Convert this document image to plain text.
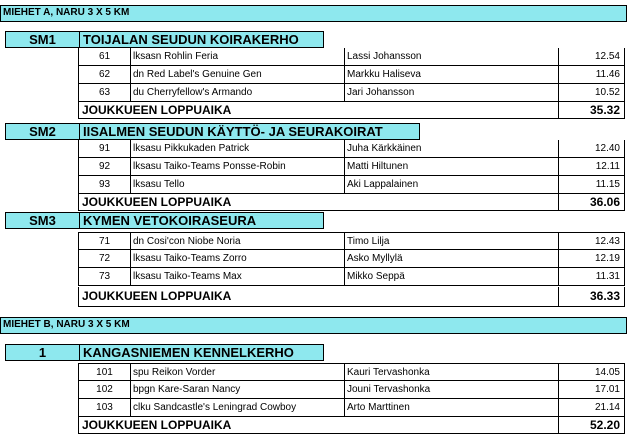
MIEHET A, NARU 3 X 5 KM
SM1	TOIJALAN SEUDUN KOIRAKERHO
61	lksasn Rohlin Feria	Lassi Johansson	12.54
62	dn Red Label's Genuine Gen	Markku Haliseva	11.46
63	du Cherryfellow's Armando	Jari Johansson	10.52
JOUKKUEEN LOPPUAIKA	35.32
SM2	IISALMEN SEUDUN KÄYTTÖ- JA SEURAKOIRAT
91	lksasu Pikkukaden Patrick	Juha Kärkkäinen	12.40
92	lksasu Taiko-Teams Ponsse-Robin	Matti Hiltunen	12.11
93	lksasu Tello	Aki Lappalainen	11.15
JOUKKUEEN LOPPUAIKA	36.06
SM3	KYMEN VETOKOIRASEURA
71	dn Cosi'con Niobe Noria	Timo Lilja	12.43
72	lksasu Taiko-Teams Zorro	Asko Myllylä	12.19
73	lksasu Taiko-Teams Max	Mikko Seppä	11.31
JOUKKUEEN LOPPUAIKA	36.33
MIEHET B, NARU 3 X 5 KM
1	KANGASNIEMEN KENNELKERHO
101	spu Reikon Vorder	Kauri Tervashonka	14.05
102	bpgn Kare-Saran Nancy	Jouni Tervashonka	17.01
103	clku Sandcastle's Leningrad Cowboy	Arto Marttinen	21.14
JOUKKUEEN LOPPUAIKA	52.20
